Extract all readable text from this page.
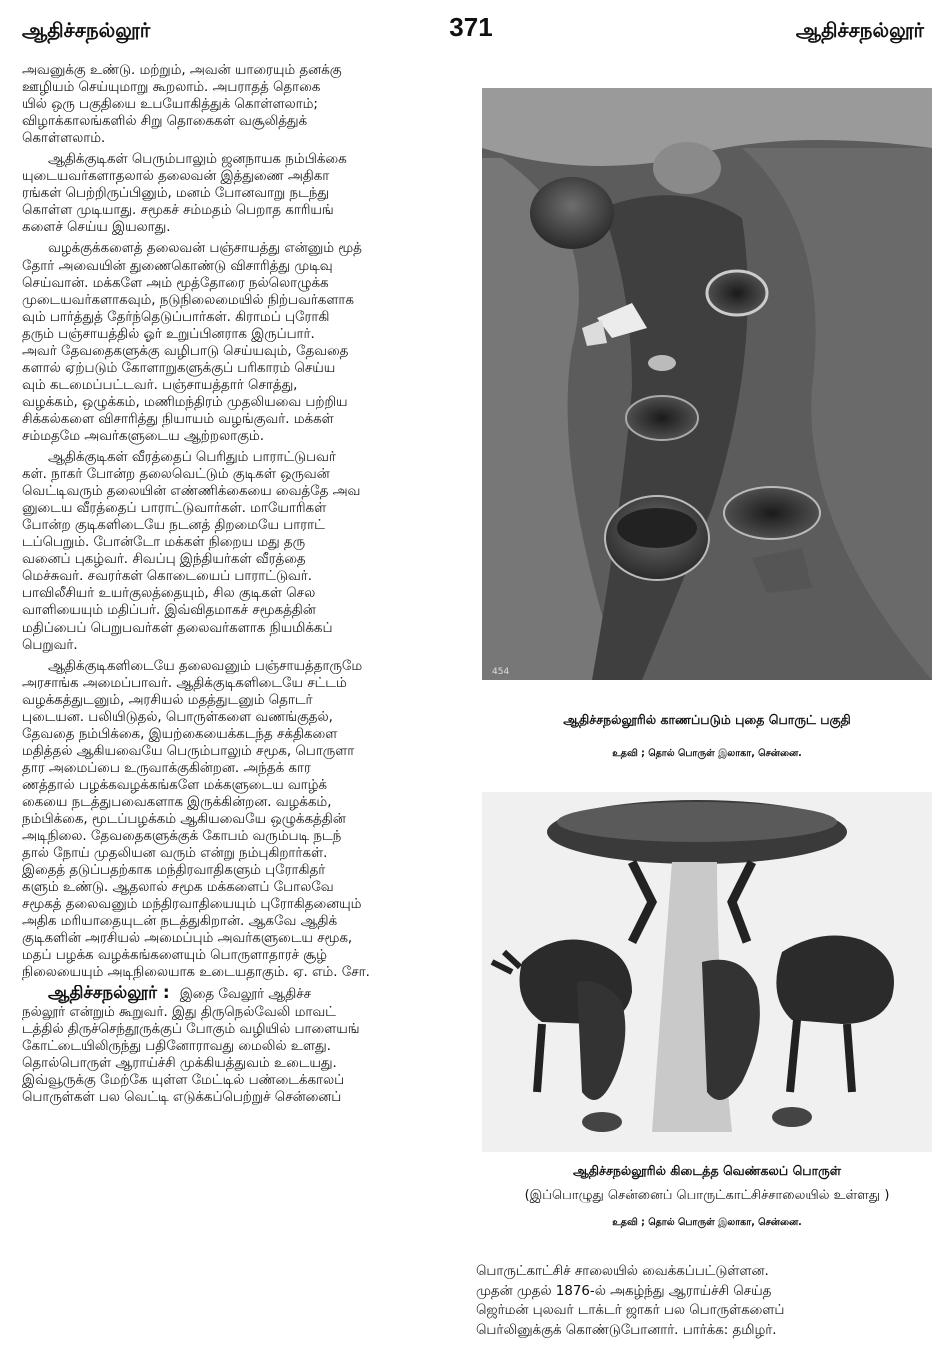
ஆதிச்சநல்லூர்	371	ஆதிச்சநல்லூர்
அவனுக்கு உண்டு. மற்றும், அவன் யாரையும் தனக்கு
ஊழியம் செய்யுமாறு கூறலாம். அபராதத் தொகை
யில் ஒரு பகுதியை உபயோகித்துக் கொள்ளலாம்;
விழாக்காலங்களில் சிறு தொகைகள் வசூலித்துக்
கொள்ளலாம்.
ஆதிக்குடிகள் பெரும்பாலும் ஜனநாயக நம்பிக்கை
யுடையவர்களாதலால் தலைவன் இத்துணை அதிகா
ரங்கள் பெற்றிருப்பினும், மனம் போனவாறு நடந்து
கொள்ள முடியாது. சமூகச் சம்மதம் பெறாத காரியங்
களைச் செய்ய இயலாது.
வழக்குக்களைத் தலைவன் பஞ்சாயத்து என்னும் மூத்
தோர் அவையின் துணைகொண்டு விசாரித்து முடிவு
செய்வான். மக்களே அம் மூத்தோரை நல்லொழுக்க
முடையவர்களாகவும், நடுநிலைமையில் நிற்பவர்களாக
வும் பார்த்துத் தேர்ந்தெடுப்பார்கள். கிராமப் புரோகி
தரும் பஞ்சாயத்தில் ஓர் உறுப்பினராக இருப்பார்.
அவர் தேவதைகளுக்கு வழிபாடு செய்யவும், தேவதை
களால் ஏற்படும் கோளாறுகளுக்குப் பரிகாரம் செய்ய
வும் கடமைப்பட்டவர். பஞ்சாயத்தார் சொத்து,
வழக்கம், ஒழுக்கம், மணிமந்திரம் முதலியவை பற்றிய
சிக்கல்களை விசாரித்து நியாயம் வழங்குவர். மக்கள்
சம்மதமே அவர்களுடைய ஆற்றலாகும்.
ஆதிக்குடிகள் வீரத்தைப் பெரிதும் பாராட்டுபவர்
கள். நாகர் போன்ற தலைவெட்டும் குடிகள் ஒருவன்
வெட்டிவரும் தலையின் எண்ணிக்கையை வைத்தே அவ
னுடைய வீரத்தைப் பாராட்டுவார்கள். மாயோரிகள்
போன்ற குடிகளிடையே நடனத் திறமையே பாராட்
டப்பெறும். போன்டோ மக்கள் நிறைய மது தரு
வனைப் புகழ்வர். சிவப்பு இந்தியர்கள் வீரத்தை
மெச்சுவர். சவரர்கள் கொடையைப் பாராட்டுவர்.
பாவிலீசியர் உயர்குலத்தையும், சில குடிகள் செல
வாளியையும் மதிப்பர். இவ்விதமாகச் சமூகத்தின்
மதிப்பைப் பெறுபவர்கள் தலைவர்களாக நியமிக்கப்
பெறுவர்.
ஆதிக்குடிகளிடையே தலைவனும் பஞ்சாயத்தாருமே
அரசாங்க அமைப்பாவர். ஆதிக்குடிகளிடையே சட்டம்
வழக்கத்துடனும், அரசியல் மதத்துடனும் தொடர்
புடையன. பலியிடுதல், பொருள்களை வணங்குதல்,
தேவதை நம்பிக்கை, இயற்கையைக்கடந்த சக்திகளை
மதித்தல் ஆகியவையே பெரும்பாலும் சமூக, பொருளா
தார அமைப்பை உருவாக்குகின்றன. அந்தக் கார
ணத்தால் பழக்கவழக்கங்களே மக்களுடைய வாழ்க்
கையை நடத்துபவைகளாக இருக்கின்றன. வழக்கம்,
நம்பிக்கை, மூடப்பழக்கம் ஆகியவையே ஒழுக்கத்தின்
அடிநிலை. தேவதைகளுக்குக் கோபம் வரும்படி நடந்
தால் நோய் முதலியன வரும் என்று நம்புகிறார்கள்.
இதைத் தடுப்பதற்காக மந்திரவாதிகளும் புரோகிதர்
களும் உண்டு. ஆதலால் சமூக மக்களைப் போலவே
சமூகத் தலைவனும் மந்திரவாதியையும் புரோகிதனையும்
அதிக மரியாதையுடன் நடத்துகிறான். ஆகவே ஆதிக்
குடிகளின் அரசியல் அமைப்பும் அவர்களுடைய சமூக,
மதப் பழக்க வழக்கங்களையும் பொருளாதாரச் சூழ்
நிலையையும் அடிநிலையாக உடையதாகும். ஏ. எம். சோ.
ஆதிச்சநல்லூர் : இதை வேலூர் ஆதிச்ச
நல்லூர் என்றும் கூறுவர். இது திருநெல்வேலி மாவட்
டத்தில் திருச்செந்தூருக்குப் போகும் வழியில் பாளையங்
கோட்டையிலிருந்து பதினோராவது மைலில் உளது.
தொல்பொருள் ஆராய்ச்சி முக்கியத்துவம் உடையது.
இவ்வூருக்கு மேற்கே யுள்ள மேட்டில் பண்டைக்காலப்
பொருள்கள் பல வெட்டி எடுக்கப்பெற்றுச் சென்னைப்
454
ஆதிச்சநல்லூரில் காணப்படும் புதை பொருட் பகுதி
உதவி ; தொல் பொருள் இலாகா, சென்னை.
ஆதிச்சநல்லூரில் கிடைத்த வெண்கலப் பொருள்
(இப்பொழுது சென்னைப் பொருட்காட்சிச்சாலையில் உள்ளது )
உதவி ; தொல் பொருள் இலாகா, சென்னை.
பொருட்காட்சிச் சாலையில் வைக்கப்பட்டுள்ளன.
முதன் முதல் 1876-ல் அகழ்ந்து ஆராய்ச்சி செய்த
ஜெர்மன் புலவர் டாக்டர் ஜாகர் பல பொருள்களைப்
பெர்லினுக்குக் கொண்டுபோனார். பார்க்க: தமிழர்.
